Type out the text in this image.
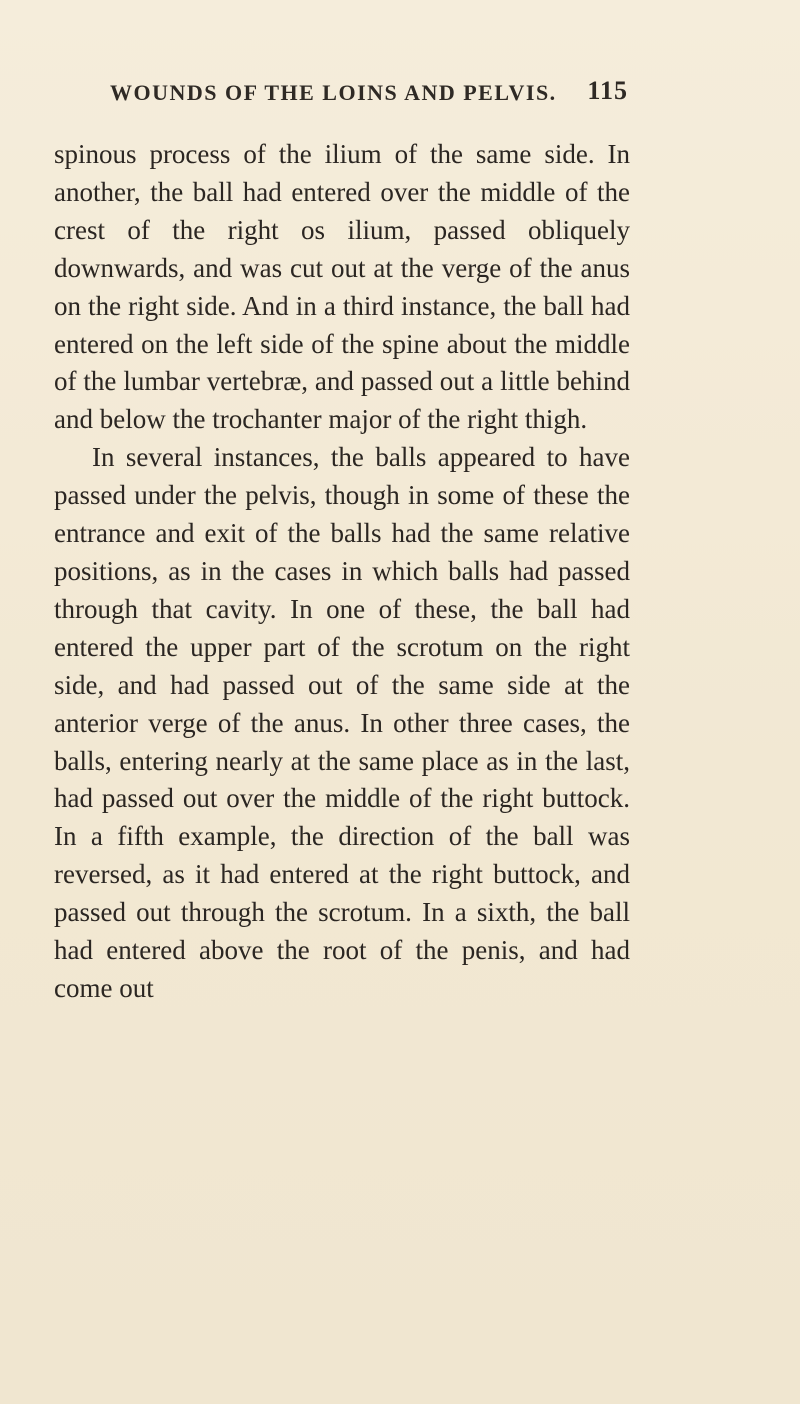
WOUNDS OF THE LOINS AND PELVIS. 115

spinous process of the ilium of the same side. In another, the ball had entered over the middle of the crest of the right os ilium, passed obliquely downwards, and was cut out at the verge of the anus on the right side. And in a third instance, the ball had entered on the left side of the spine about the middle of the lumbar vertebræ, and passed out a little behind and below the trochanter major of the right thigh.

In several instances, the balls appeared to have passed under the pelvis, though in some of these the entrance and exit of the balls had the same relative positions, as in the cases in which balls had passed through that cavity. In one of these, the ball had entered the upper part of the scrotum on the right side, and had passed out of the same side at the anterior verge of the anus. In other three cases, the balls, entering nearly at the same place as in the last, had passed out over the middle of the right buttock. In a fifth example, the direction of the ball was reversed, as it had entered at the right buttock, and passed out through the scrotum. In a sixth, the ball had entered above the root of the penis, and had come out
